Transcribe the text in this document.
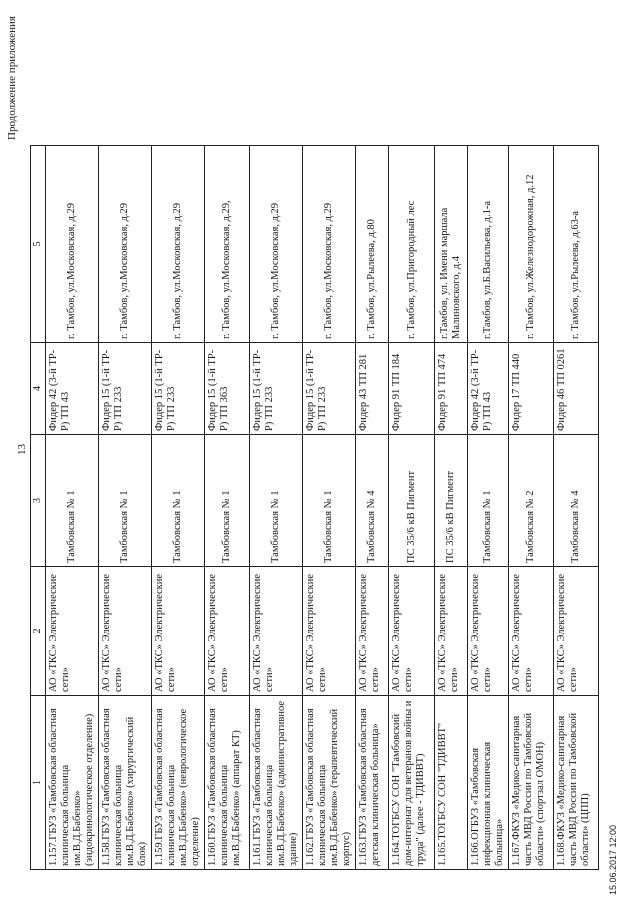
Продолжение приложения
13
1	2	3	4	5
1.157.ГБУЗ «Тамбовская областная клиническая больница им.В.Д.Бабенко» (эндокринологическое отделение)	АО «ТКС» Электрические сети»	Тамбовская № 1	Фидер 42 (3-й ТР-Р) ТП 43	г. Тамбов, ул.Московская, д.29
1.158.ГБУЗ «Тамбовская областная клиническая больница им.В.Д.Бабенко» (хирургический блок)	АО «ТКС» Электрические сети»	Тамбовская № 1	Фидер 15 (1-й ТР-Р) ТП 233	г. Тамбов, ул.Московская, д.29
1.159.ГБУЗ «Тамбовская областная клиническая больница им.В.Д.Бабенко» (неврологическое отделение)	АО «ТКС» Электрические сети»	Тамбовская № 1	Фидер 15 (1-й ТР-Р) ТП 233	г. Тамбов, ул.Московская, д.29
1.160.ГБУЗ «Тамбовская областная клиническая больница им.В.Д.Бабенко» (аппарат КТ)	АО «ТКС» Электрические сети»	Тамбовская № 1	Фидер 15 (1-й ТР-Р) ТП 363	г. Тамбов, ул.Московская, д.29,
1.161.ГБУЗ «Тамбовская областная клиническая больница им.В.Д.Бабенко» (административное здание)	АО «ТКС» Электрические сети»	Тамбовская № 1	Фидер 15 (1-й ТР-Р) ТП 233	г. Тамбов, ул.Московская, д.29
1.162.ГБУЗ «Тамбовская областная клиническая больница им.В.Д.Бабенко» (терапевтический корпус)	АО «ТКС» Электрические сети»	Тамбовская № 1	Фидер 15 (1-й ТР-Р) ТП 233	г. Тамбов, ул.Московская, д.29
1.163.ГБУЗ «Тамбовская областная детская клиническая больница»	АО «ТКС» Электрические сети»	Тамбовская № 4	Фидер 43 ТП 281	г. Тамбов, ул.Рылеева, д.80
1.164.ТОГБСУ СОН "Тамбовский дом-интернат для ветеранов войны и труда" (далее - ТДИВВТ)	АО «ТКС» Электрические сети»	ПС 35/6 кВ Пигмент	Фидер 91 ТП 184	г. Тамбов, ул.Пригородный лес
1.165.ТОГБСУ СОН "ТДИВВТ"	АО «ТКС» Электрические сети»	ПС 35/6 кВ Пигмент	Фидер 91 ТП 474	г.Тамбов, ул. Имени маршала Малиновского, д.4
1.166.ОГБУЗ «Тамбовская инфекционная клиническая больница»	АО «ТКС» Электрические сети»	Тамбовская № 1	Фидер 42 (3-й ТР-Р) ТП 43	г.Тамбов, ул.Б.Васильева, д.1-а
1.167.ФКУЗ «Медико-санитарная часть МВД России по Тамбовской области» (спортзал ОМОН)	АО «ТКС» Электрические сети»	Тамбовская № 2	Фидер 17 ТП 440	г. Тамбов, ул.Железнодорожная, д.12
1.168.ФКУЗ «Медико-санитарная часть МВД России по Тамбовской области» (ЦПП)	АО «ТКС» Электрические сети»	Тамбовская № 4	Фидер 46 ТП 0261	г. Тамбов, ул.Рылеева, д.63-а
15.06.2017 12:00
